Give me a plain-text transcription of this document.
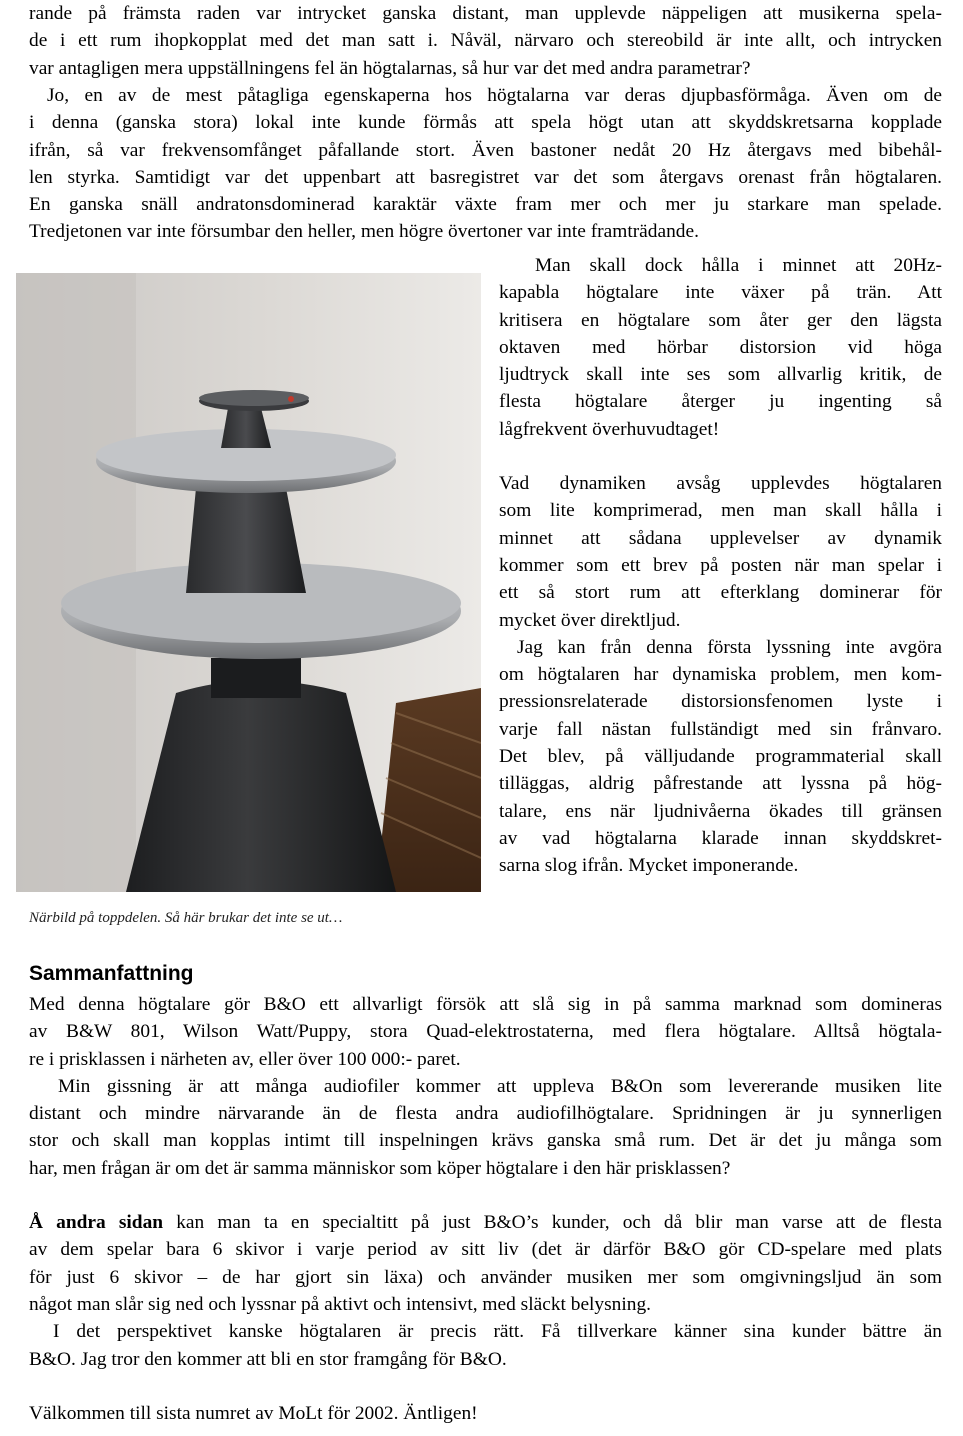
rande på främsta raden var intrycket ganska distant, man upplevde näppeligen att musikerna spela-
de i ett rum ihopkopplat med det man satt i. Nåväl, närvaro och stereobild är inte allt, och intrycken
var antagligen mera uppställningens fel än högtalarnas, så hur var det med andra parametrar?
Jo, en av de mest påtagliga egenskaperna hos högtalarna var deras djupbasförmåga. Även om de
i denna (ganska stora) lokal inte kunde förmås att spela högt utan att skyddskretsarna kopplade
ifrån, så var frekvensomfånget påfallande stort. Även bastoner nedåt 20 Hz återgavs med bibehål-
len styrka. Samtidigt var det uppenbart att basregistret var det som återgavs orenast från högtalaren.
En ganska snäll andratonsdominerad karaktär växte fram mer och mer ju starkare man spelade.
Tredjetonen var inte försumbar den heller, men högre övertoner var inte framträdande.
Man skall dock hålla i minnet att 20Hz-
kapabla högtalare inte växer på trän. Att
kritisera en högtalare som åter ger den lägsta
oktaven med hörbar distorsion vid höga
ljudtryck skall inte ses som allvarlig kritik, de
flesta högtalare återger ju ingenting så
lågfrekvent överhuvudtaget!
Vad dynamiken avsåg upplevdes högtalaren
som lite komprimerad, men man skall hålla i
minnet att sådana upplevelser av dynamik
kommer som ett brev på posten när man spelar i
ett så stort rum att efterklang dominerar för
mycket över direktljud.
Jag kan från denna första lyssning inte avgöra
om högtalaren har dynamiska problem, men kom-
pressionsrelaterade distorsionsfenomen lyste i
varje fall nästan fullständigt med sin frånvaro.
Det blev, på välljudande programmaterial skall
tilläggas, aldrig påfrestande att lyssna på hög-
talare, ens när ljudnivåerna ökades till gränsen
av vad högtalarna klarade innan skyddskret-
sarna slog ifrån. Mycket imponerande.
Närbild på toppdelen. Så här brukar det inte se ut…
Sammanfattning
Med denna högtalare gör B&O ett allvarligt försök att slå sig in på samma marknad som domineras
av B&W 801, Wilson Watt/Puppy, stora Quad-elektrostaterna, med flera högtalare. Alltså högtala-
re i prisklassen i närheten av, eller över 100 000:- paret.
Min gissning är att många audiofiler kommer att uppleva B&On som levererande musiken lite
distant och mindre närvarande än de flesta andra audiofilhögtalare. Spridningen är ju synnerligen
stor och skall man kopplas intimt till inspelningen krävs ganska små rum. Det är det ju många som
har, men frågan är om det är samma människor som köper högtalare i den här prisklassen?
Å andra sidan kan man ta en specialtitt på just B&O’s kunder, och då blir man varse att de flesta
av dem spelar bara 6 skivor i varje period av sitt liv (det är därför B&O gör CD-spelare med plats
för just 6 skivor – de har gjort sin läxa) och använder musiken mer som omgivningsljud än som
något man slår sig ned och lyssnar på aktivt och intensivt, med släckt belysning.
I det perspektivet kanske högtalaren är precis rätt. Få tillverkare känner sina kunder bättre än
B&O. Jag tror den kommer att bli en stor framgång för B&O.
Välkommen till sista numret av MoLt för 2002. Äntligen!
